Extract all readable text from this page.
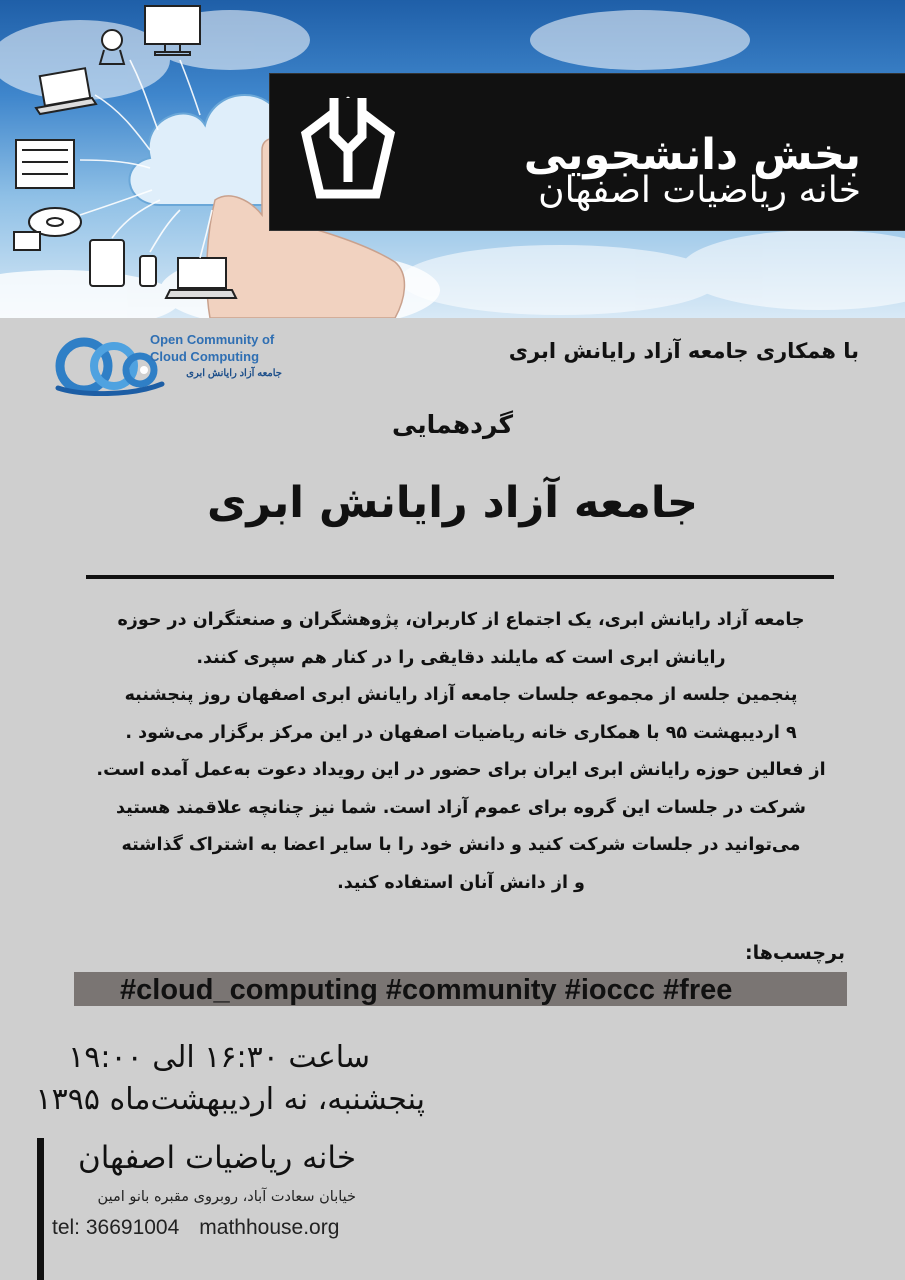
بخش دانشجویی
خانه ریاضیات اصفهان
Open Community of
Cloud Computing
جامعه آزاد رایانش ابری
با همکاری جامعه آزاد رایانش ابری
گردهمایی
جامعه آزاد رایانش ابری

جامعه آزاد رایانش ابری، یک اجتماع از کاربران، پژوهشگران و صنعتگران در حوزه

رایانش ابری است که مایلند دقایقی را در کنار هم سپری کنند.

پنجمین جلسه از مجموعه جلسات جامعه آزاد رایانش ابری اصفهان روز پنجشنبه

۹ اردیبهشت ۹۵ با همکاری خانه ریاضیات اصفهان در این مرکز برگزار می‌شود .

از فعالین حوزه رایانش ابری ایران برای حضور در این رویداد دعوت به‌عمل آمده است.

شرکت در جلسات این گروه برای عموم آزاد است. شما نیز چنانچه علاقمند هستید

می‌توانید در جلسات شرکت کنید و دانش خود را با سایر اعضا به اشتراک گذاشته

و از دانش آنان استفاده کنید.

برچسب‌ها:
#cloud_computing #community #ioccc #free
ساعت ۱۶:۳۰ الی ۱۹:۰۰
پنجشنبه، نه اردیبهشت‌ماه ۱۳۹۵
خانه ریاضیات اصفهان
خیابان سعادت آباد، روبروی مقبره بانو امین
tel: 36691004 mathhouse.org
